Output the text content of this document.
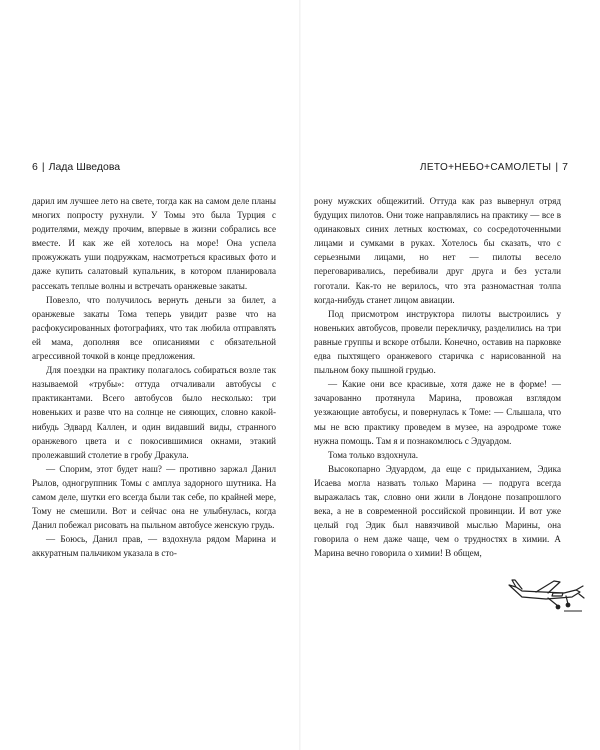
6 | Лада Шведова	ЛЕТО+НЕБО+САМОЛЕТЫ | 7

дарил им лучшее лето на свете, тогда как на самом деле планы многих попросту рухнули. У Томы это была Турция с родителями, между прочим, впервые в жизни собрались все вместе. И как же ей хотелось на море! Она успела прожужжать уши подружкам, насмотреться красивых фото и даже купить салатовый купальник, в котором планировала рассекать теплые волны и встречать оранжевые закаты.

Повезло, что получилось вернуть деньги за билет, а оранжевые закаты Тома теперь увидит разве что на расфокусированных фотографиях, что так любила отправлять ей мама, дополняя все описаниями с обязательной агрессивной точкой в конце предложения.

Для поездки на практику полагалось собираться возле так называемой «трубы»: оттуда отчаливали автобусы с практикантами. Всего автобусов было несколько: три новеньких и разве что на солнце не сияющих, словно какой-нибудь Эдвард Каллен, и один видавший виды, странного оранжевого цвета и с покосившимися окнами, этакий пролежавший столетие в гробу Дракула.

— Спорим, этот будет наш? — противно заржал Данил Рылов, одногруппник Томы с амплуа задорного шутника. На самом деле, шутки его всегда были так себе, по крайней мере, Тому не смешили. Вот и сейчас она не улыбнулась, когда Данил побежал рисовать на пыльном автобусе женскую грудь.

— Боюсь, Данил прав, — вздохнула рядом Марина и аккуратным пальчиком указала в сто-

рону мужских общежитий. Оттуда как раз вывернул отряд будущих пилотов. Они тоже направлялись на практику — все в одинаковых синих летных костюмах, со сосредоточенными лицами и сумками в руках. Хотелось бы сказать, что с серьезными лицами, но нет — пилоты весело переговаривались, перебивали друг друга и без устали гоготали. Как-то не верилось, что эта разномастная толпа когда-нибудь станет лицом авиации.

Под присмотром инструктора пилоты выстроились у новеньких автобусов, провели перекличку, разделились на три равные группы и вскоре отбыли. Конечно, оставив на парковке едва пыхтящего оранжевого старичка с нарисованной на пыльном боку пышной грудью.

— Какие они все красивые, хотя даже не в форме! — зачарованно протянула Марина, провожая взглядом уезжающие автобусы, и повернулась к Томе: — Слышала, что мы не всю практику проведем в музее, на аэродроме тоже нужна помощь. Там я и познакомлюсь с Эдуардом.

Тома только вздохнула.

Высокопарно Эдуардом, да еще с придыханием, Эдика Исаева могла назвать только Марина — подруга всегда выражалась так, словно они жили в Лондоне позапрошлого века, а не в современной российской провинции. И вот уже целый год Эдик был навязчивой мыслью Марины, она говорила о нем даже чаще, чем о трудностях в химии. А Марина вечно говорила о химии! В общем,
